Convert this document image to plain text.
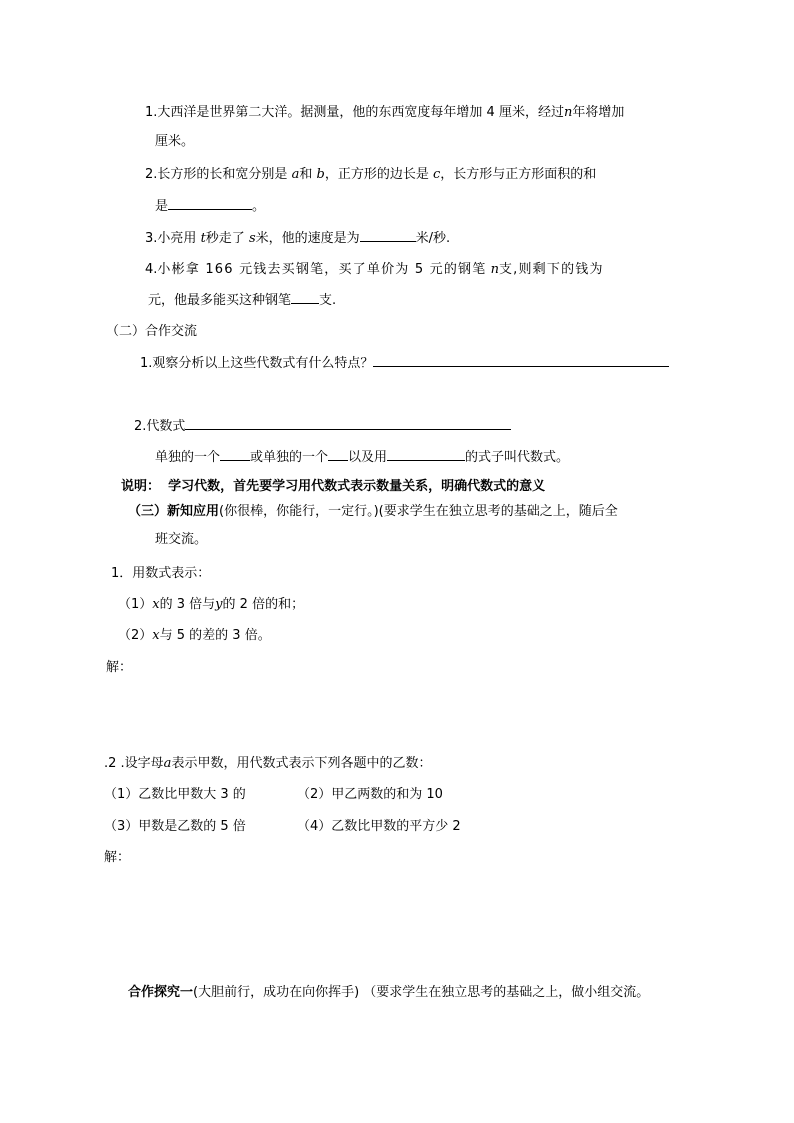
1.大西洋是世界第二大洋。据测量，他的东西宽度每年增加 4 厘米，经过n年将增加
厘米。
2.长方形的长和宽分别是 a和 b，正方形的边长是 c，长方形与正方形面积的和
是	。
3.小亮用 t秒走了 s米，他的速度是为	米/秒.
4.小彬拿 166 元钱去买钢笔，买了单价为 5 元的钢笔 n支,则剩下的钱为
元，他最多能买这种钢笔 支.
（二）合作交流
1.观察分析以上这些代数式有什么特点？
2.代数式
单独的一个 或单独的一个 以及用	的式子叫代数式。
说明： 学习代数，首先要学习用代数式表示数量关系，明确代数式的意义
（三）新知应用(你很棒，你能行，一定行。)(要求学生在独立思考的基础之上，随后全
班交流。
1．用数式表示：
（1）x的 3 倍与y的 2 倍的和；
（2）x与 5 的差的 3 倍。
解：
.2 .设字母a表示甲数，用代数式表示下列各题中的乙数：
（1）乙数比甲数大 3 的	（2）甲乙两数的和为 10
（3）甲数是乙数的 5 倍	（4）乙数比甲数的平方少 2
解：
合作探究一(大胆前行，成功在向你挥手) （要求学生在独立思考的基础之上，做小组交流。
